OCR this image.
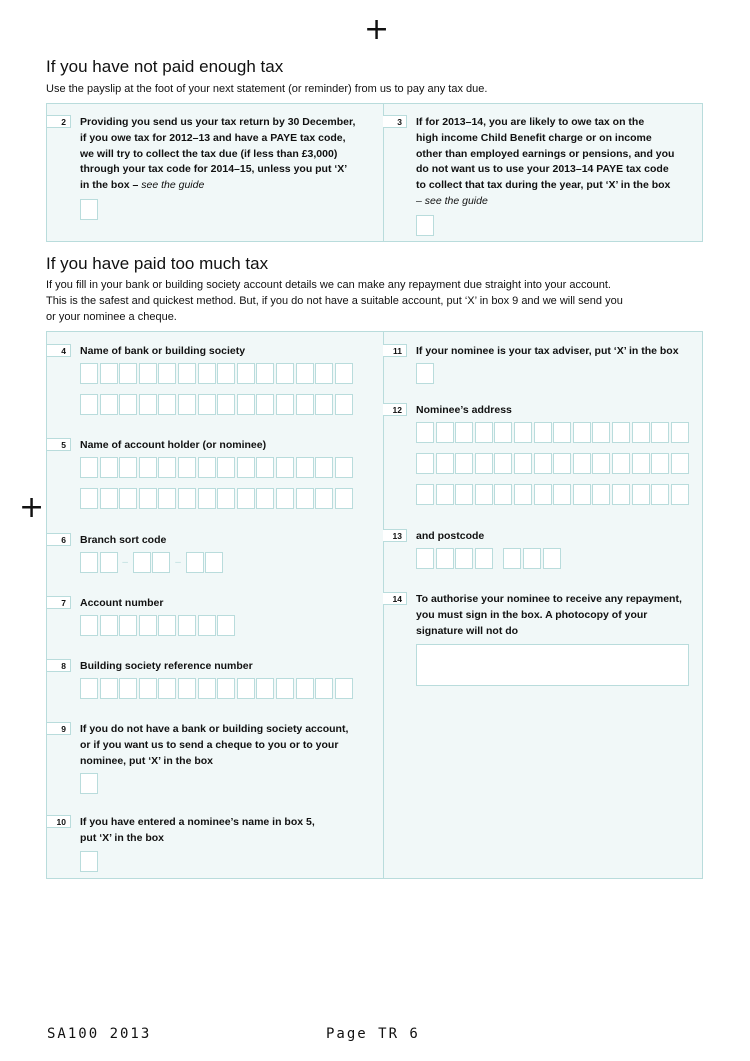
+
+
If you have not paid enough tax
Use the payslip at the foot of your next statement (or reminder) from us to pay any tax due.
2	Providing you send us your tax return by 30 December,
if you owe tax for 2012–13 and have a PAYE tax code,
we will try to collect the tax due (if less than £3,000)
through your tax code for 2014–15, unless you put ‘X’
in the box – see the guide
3	If for 2013–14, you are likely to owe tax on the
high income Child Benefit charge or on income
other than employed earnings or pensions, and you
do not want us to use your 2013–14 PAYE tax code
to collect that tax during the year, put ‘X’ in the box
– see the guide
If you have paid too much tax
If you fill in your bank or building society account details we can make any repayment due straight into your account.
This is the safest and quickest method. But, if you do not have a suitable account, put ‘X’ in box 9 and we will send you
or your nominee a cheque.
4	Name of bank or building society
5	Name of account holder (or nominee)
6	Branch sort code
–	–
7	Account number
8	Building society reference number
9	If you do not have a bank or building society account,
or if you want us to send a cheque to you or to your
nominee, put ‘X’ in the box
10	If you have entered a nominee’s name in box 5,
put ‘X’ in the box
11	If your nominee is your tax adviser, put ‘X’ in the box
12	Nominee’s address
13	and postcode
14	To authorise your nominee to receive any repayment,
you must sign in the box. A photocopy of your
signature will not do
SA100 2013	Page TR 6
